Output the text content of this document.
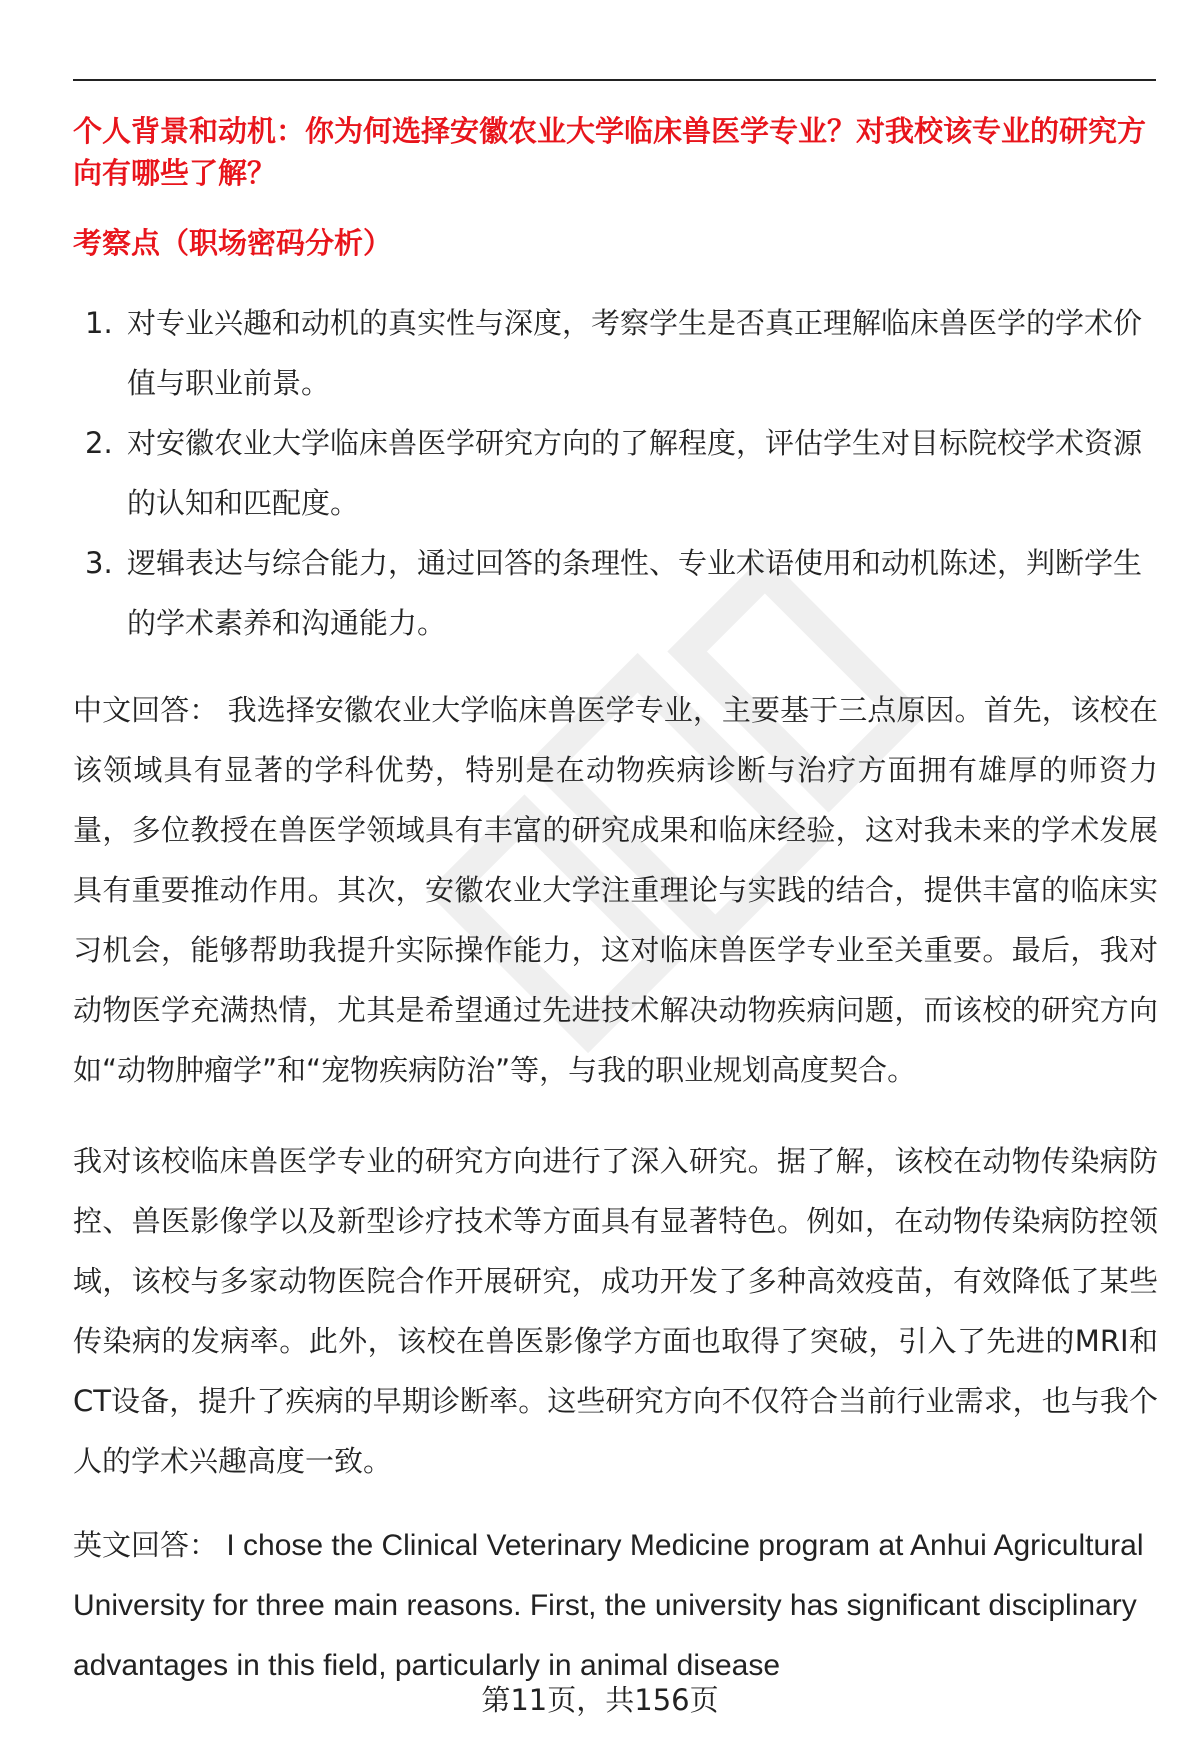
个人背景和动机：你为何选择安徽农业大学临床兽医学专业？对我校该专业的研究方向有哪些了解？
考察点（职场密码分析）
1. 对专业兴趣和动机的真实性与深度，考察学生是否真正理解临床兽医学的学术价值与职业前景。
2. 对安徽农业大学临床兽医学研究方向的了解程度，评估学生对目标院校学术资源的认知和匹配度。
3. 逻辑表达与综合能力，通过回答的条理性、专业术语使用和动机陈述，判断学生的学术素养和沟通能力。

中文回答： 我选择安徽农业大学临床兽医学专业，主要基于三点原因。首先，该校在该领域具有显著的学科优势，特别是在动物疾病诊断与治疗方面拥有雄厚的师资力量，多位教授在兽医学领域具有丰富的研究成果和临床经验，这对我未来的学术发展具有重要推动作用。其次，安徽农业大学注重理论与实践的结合，提供丰富的临床实习机会，能够帮助我提升实际操作能力，这对临床兽医学专业至关重要。最后，我对动物医学充满热情，尤其是希望通过先进技术解决动物疾病问题，而该校的研究方向如“动物肿瘤学”和“宠物疾病防治”等，与我的职业规划高度契合。

我对该校临床兽医学专业的研究方向进行了深入研究。据了解，该校在动物传染病防控、兽医影像学以及新型诊疗技术等方面具有显著特色。例如，在动物传染病防控领域，该校与多家动物医院合作开展研究，成功开发了多种高效疫苗，有效降低了某些传染病的发病率。此外，该校在兽医影像学方面也取得了突破，引入了先进的MRI和CT设备，提升了疾病的早期诊断率。这些研究方向不仅符合当前行业需求，也与我个人的学术兴趣高度一致。

英文回答： I chose the Clinical Veterinary Medicine program at Anhui Agricultural University for three main reasons. First, the university has significant disciplinary advantages in this field, particularly in animal disease

第11页，共156页
